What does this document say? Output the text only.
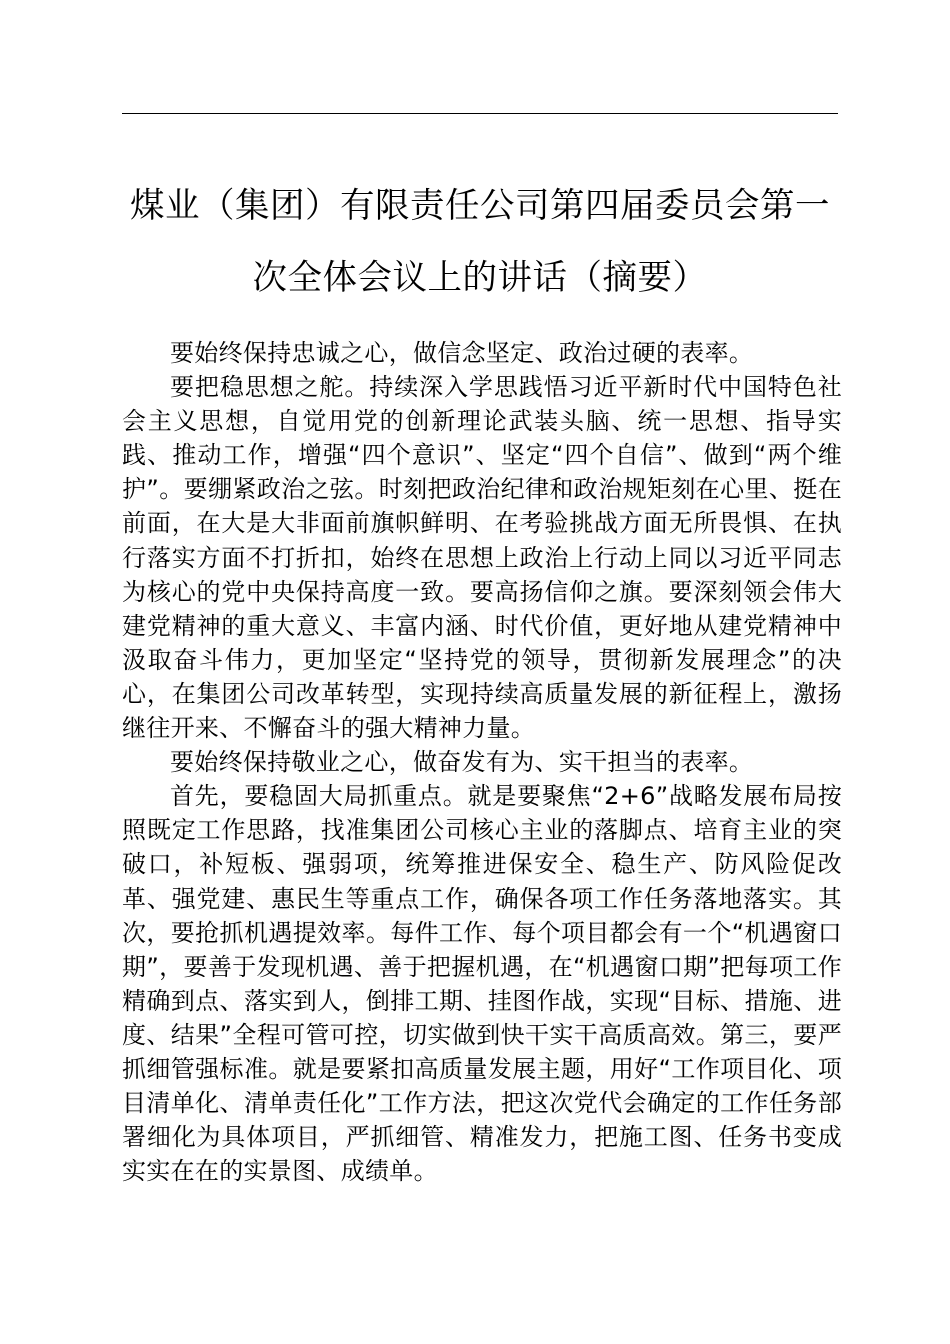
煤业（集团）有限责任公司第四届委员会第一次全体会议上的讲话（摘要）

要始终保持忠诚之心，做信念坚定、政治过硬的表率。

要把稳思想之舵。持续深入学思践悟习近平新时代中国特色社会主义思想，自觉用党的创新理论武装头脑、统一思想、指导实践、推动工作，增强“四个意识”、坚定“四个自信”、做到“两个维护”。要绷紧政治之弦。时刻把政治纪律和政治规矩刻在心里、挺在前面，在大是大非面前旗帜鲜明、在考验挑战方面无所畏惧、在执行落实方面不打折扣，始终在思想上政治上行动上同以习近平同志为核心的党中央保持高度一致。要高扬信仰之旗。要深刻领会伟大建党精神的重大意义、丰富内涵、时代价值，更好地从建党精神中汲取奋斗伟力，更加坚定“坚持党的领导，贯彻新发展理念”的决心，在集团公司改革转型，实现持续高质量发展的新征程上，激扬继往开来、不懈奋斗的强大精神力量。

要始终保持敬业之心，做奋发有为、实干担当的表率。

首先，要稳固大局抓重点。就是要聚焦“2+6”战略发展布局按照既定工作思路，找准集团公司核心主业的落脚点、培育主业的突破口，补短板、强弱项，统筹推进保安全、稳生产、防风险促改革、强党建、惠民生等重点工作，确保各项工作任务落地落实。其次，要抢抓机遇提效率。每件工作、每个项目都会有一个“机遇窗口期”，要善于发现机遇、善于把握机遇，在“机遇窗口期”把每项工作精确到点、落实到人，倒排工期、挂图作战，实现“目标、措施、进度、结果”全程可管可控，切实做到快干实干高质高效。第三，要严抓细管强标准。就是要紧扣高质量发展主题，用好“工作项目化、项目清单化、清单责任化”工作方法，把这次党代会确定的工作任务部署细化为具体项目，严抓细管、精准发力，把施工图、任务书变成实实在在的实景图、成绩单。
